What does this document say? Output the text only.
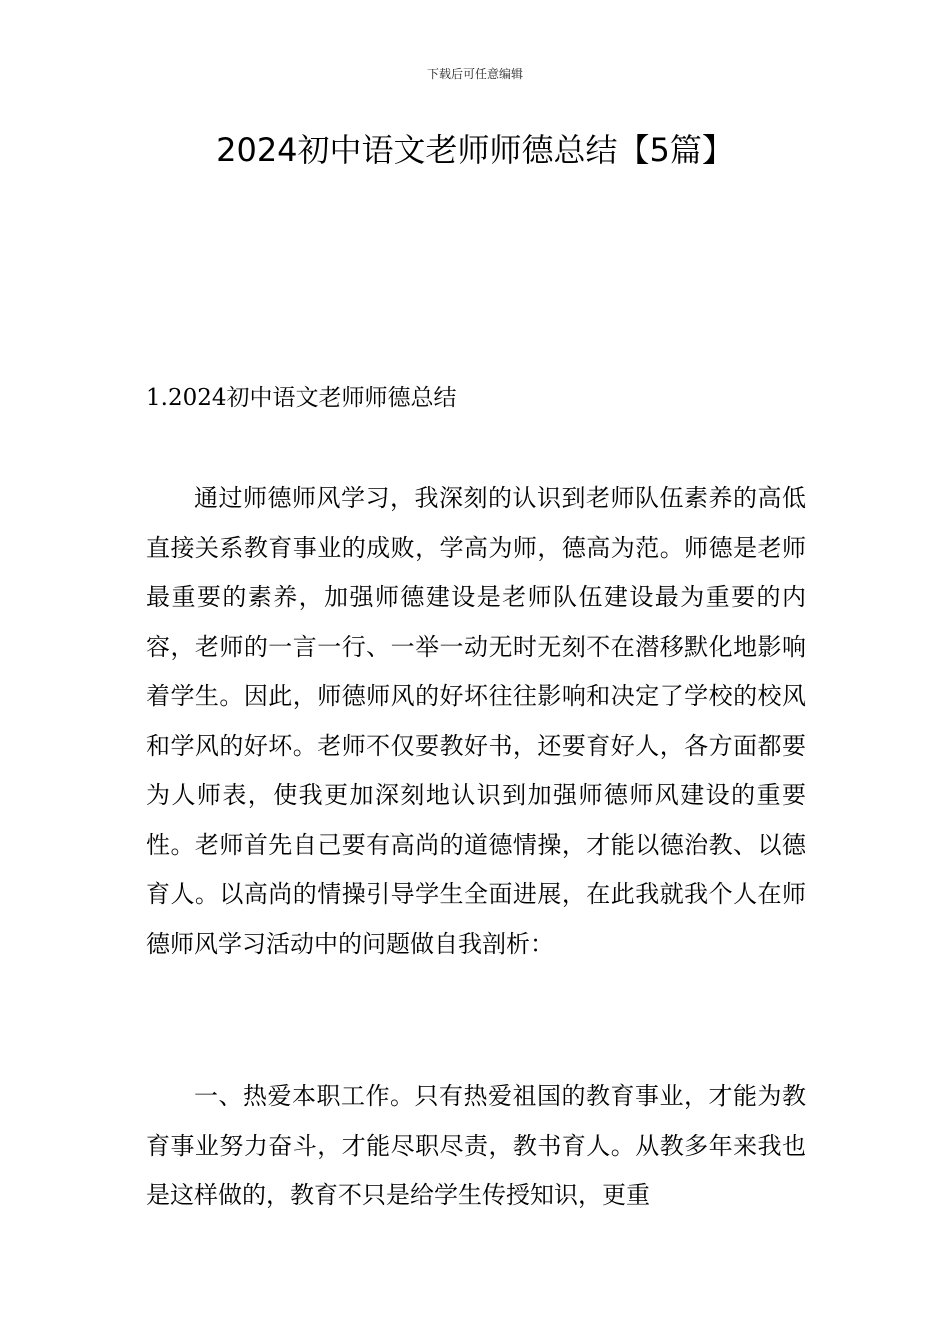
下载后可任意编辑
2024初中语文老师师德总结【5篇】
1.2024初中语文老师师德总结

通过师德师风学习，我深刻的认识到老师队伍素养的高低直接关系教育事业的成败，学高为师，德高为范。师德是老师最重要的素养，加强师德建设是老师队伍建设最为重要的内容，老师的一言一行、一举一动无时无刻不在潜移默化地影响着学生。因此，师德师风的好坏往往影响和决定了学校的校风和学风的好坏。老师不仅要教好书，还要育好人，各方面都要为人师表，使我更加深刻地认识到加强师德师风建设的重要性。老师首先自己要有高尚的道德情操，才能以德治教、以德育人。以高尚的情操引导学生全面进展，在此我就我个人在师德师风学习活动中的问题做自我剖析：

一、热爱本职工作。只有热爱祖国的教育事业，才能为教育事业努力奋斗，才能尽职尽责，教书育人。从教多年来我也是这样做的，教育不只是给学生传授知识，更重
